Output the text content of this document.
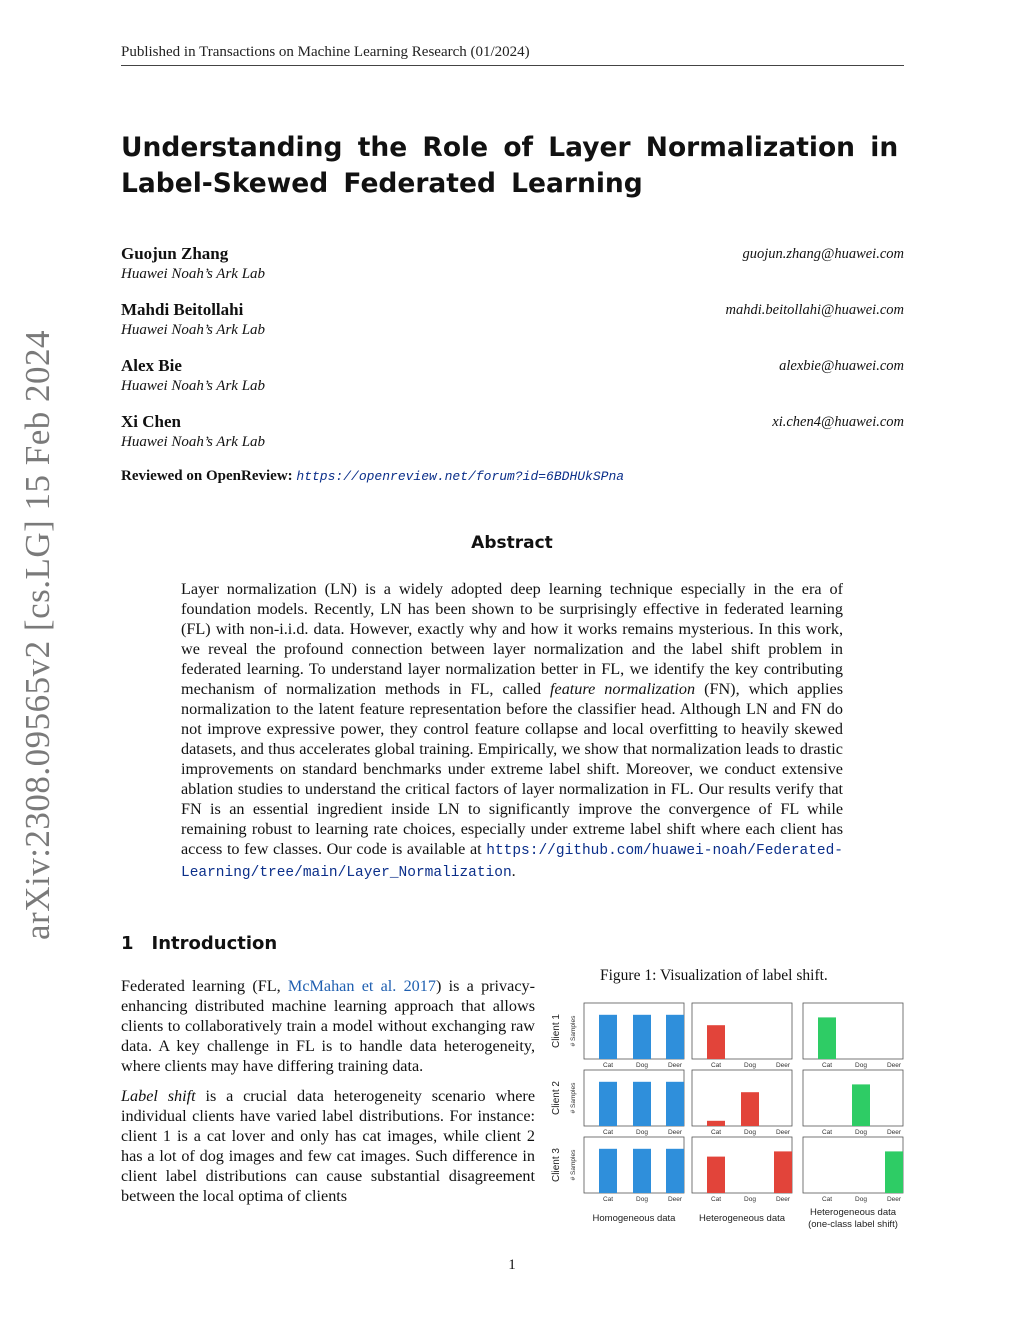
Published in Transactions on Machine Learning Research (01/2024)
arXiv:2308.09565v2 [cs.LG] 15 Feb 2024
Understanding the Role of Layer Normalization in Label-Skewed Federated Learning
Guojun Zhang
Huawei Noah’s Ark Lab
guojun.zhang@huawei.com
Mahdi Beitollahi
Huawei Noah’s Ark Lab
mahdi.beitollahi@huawei.com
Alex Bie
Huawei Noah’s Ark Lab
alexbie@huawei.com
Xi Chen
Huawei Noah’s Ark Lab
xi.chen4@huawei.com
Reviewed on OpenReview: https://openreview.net/forum?id=6BDHUkSPna
Abstract
Layer normalization (LN) is a widely adopted deep learning technique especially in the era of foundation models. Recently, LN has been shown to be surprisingly effective in federated learning (FL) with non-i.i.d. data. However, exactly why and how it works remains mysterious. In this work, we reveal the profound connection between layer normalization and the label shift problem in federated learning. To understand layer normalization better in FL, we identify the key contributing mechanism of normalization methods in FL, called feature normalization (FN), which applies normalization to the latent feature representation before the classifier head. Although LN and FN do not improve expressive power, they control feature collapse and local overfitting to heavily skewed datasets, and thus accelerates global training. Empirically, we show that normalization leads to drastic improvements on standard benchmarks under extreme label shift. Moreover, we conduct extensive ablation studies to understand the critical factors of layer normalization in FL. Our results verify that FN is an essential ingredient inside LN to significantly improve the convergence of FL while remaining robust to learning rate choices, especially under extreme label shift where each client has access to few classes. Our code is available at https://github.com/huawei-noah/Federated-Learning/tree/main/Layer_Normalization.
1 Introduction

Federated learning (FL, McMahan et al. 2017) is a privacy-enhancing distributed machine learning approach that allows clients to collaboratively train a model without exchanging raw data. A key challenge in FL is to handle data heterogeneity, where clients may have differing training data.

Label shift is a crucial data heterogeneity scenario where individual clients have varied label distributions. For instance: client 1 is a cat lover and only has cat images, while client 2 has a lot of dog images and few cat images. Such difference in client label distributions can cause substantial disagreement between the local optima of clients

Figure 1: Visualization of label shift.
Client 1 # Samples
Client 2 # Samples
Client 3 # Samples
Cat	Dog	Deer
Cat	Dog	Deer
Cat	Dog	Deer
Homogeneous data
Cat	Dog	Deer
Cat	Dog	Deer
Cat	Dog	Deer
Heterogeneous data
Cat	Dog	Deer
Cat	Dog	Deer
Cat	Dog	Deer
Heterogeneous data
(one-class label shift)
1
